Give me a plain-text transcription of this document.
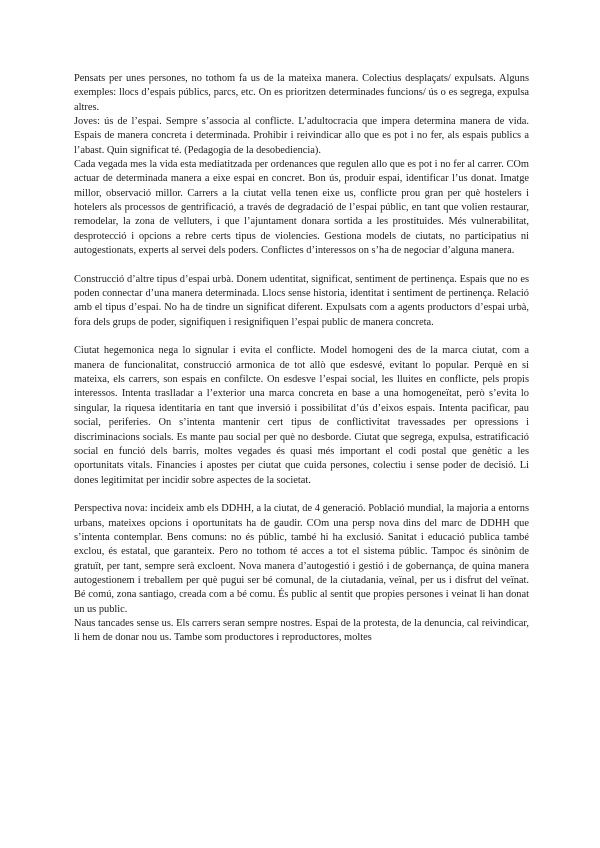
Pensats per unes persones, no tothom fa us de la mateixa manera. Colectius desplaçats/ expulsats. Alguns exemples: llocs d’espais públics, parcs, etc. On es prioritzen determinades funcions/ ús o es segrega, expulsa altres.

Joves: ús de l’espai. Sempre s’associa al conflicte. L’adultocracia que impera determina manera de vida. Espais de manera concreta i determinada. Prohibir i reivindicar allo que es pot i no fer, als espais publics a l’abast. Quin significat té. (Pedagogia de la desobediencia).

Cada vegada mes la vida esta mediatitzada per ordenances que regulen allo que es pot i no fer al carrer. COm actuar de determinada manera a eixe espai en concret. Bon ús, produir espai, identificar l’us donat. Imatge millor, observació millor. Carrers a la ciutat vella tenen eixe us, conflicte prou gran per què hostelers i hotelers als processos de gentrificació, a través de degradació de l’espai públic, en tant que volien restaurar, remodelar, la zona de velluters, i que l’ajuntament donara sortida a les prostituides. Més vulnerabilitat, desprotecció i opcions a rebre certs tipus de violencies. Gestiona models de ciutats, no participatius ni autogestionats, experts al servei dels poders. Conflictes d’interessos on s’ha de negociar d’alguna manera.

Construcció d’altre tipus d’espai urbà. Donem udentitat, significat, sentiment de pertinença. Espais que no es poden connectar d’una manera determinada. Llocs sense historia, identitat i sentiment de pertinença. Relació amb el tipus d’espai. No ha de tindre un significat diferent. Expulsats com a agents productors d’espai urbà, fora dels grups de poder, signifiquen i resignifiquen l’espai public de manera concreta.

Ciutat hegemonica nega lo signular i evita el conflicte. Model homogeni des de la marca ciutat, com a manera de funcionalitat, construcció armonica de tot allò que esdesvé, evitant lo popular. Perquè en si mateixa, els carrers, son espais en confilcte. On esdesve l’espai social, les lluites en conflicte, pels propis interessos. Intenta traslladar a l’exterior una marca concreta en base a una homogeneïtat, però s’evita lo singular, la riquesa identitaria en tant que inversió i possibilitat d’ús d’eixos espais. Intenta pacificar, pau social, periferies. On s’intenta mantenir cert tipus de conflictivitat travessades per opressions i discriminacions socials. Es mante pau social per què no desborde. Ciutat que segrega, expulsa, estratificació social en funció dels barris, moltes vegades és quasi més important el codi postal que genètic a les oportunitats vitals. Financies i apostes per ciutat que cuida persones, colectiu i sense poder de decisió. Li dones legitimitat per incidir sobre aspectes de la societat.

Perspectiva nova: incideix amb els DDHH, a la ciutat, de 4 generació. Població mundial, la majoria a entorns urbans, mateixes opcions i oportunitats ha de gaudir. COm una persp nova dins del marc de DDHH que s’intenta contemplar. Bens comuns: no és públic, també hi ha exclusió. Sanitat i educació publica també exclou, és estatal, que garanteix. Pero no tothom té acces a tot el sistema públic. Tampoc és sinònim de gratuït, per tant, sempre serà excloent. Nova manera d’autogestió i gestió i de gobernança, de quina manera autogestionem i treballem per què pugui ser bé comunal, de la ciutadania, veïnal, per us i disfrut del veïnat. Bé comú, zona santiago, creada com a bé comu. És public al sentit que propies persones i veinat li han donat un us public.

Naus tancades sense us. Els carrers seran sempre nostres. Espai de la protesta, de la denuncia, cal reivindicar, li hem de donar nou us. Tambe som productores i reproductores, moltes
